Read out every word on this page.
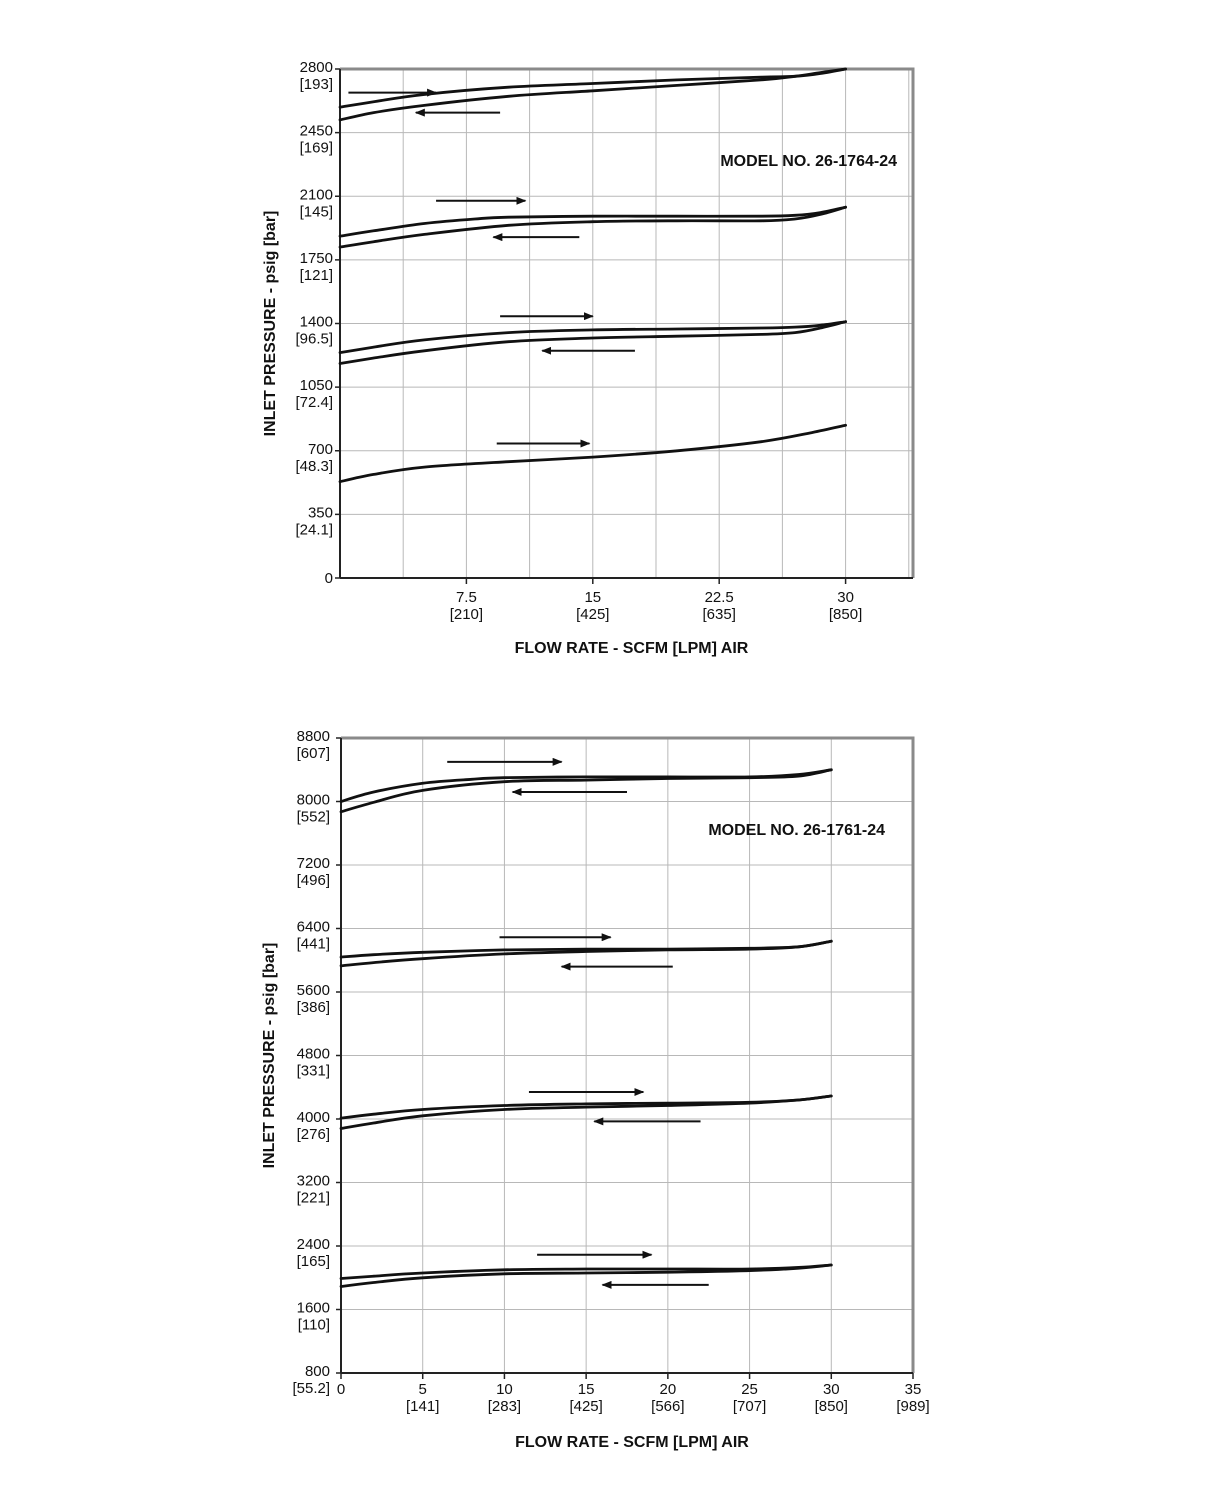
7.5
[210]
15
[425]
22.5
[635]
30
[850]
0
350
[24.1]
700
[48.3]
1050
[72.4]
1400
[96.5]
1750
[121]
2100
[145]
2450
[169]
2800
[193]
FLOW RATE - SCFM [LPM] AIR
INLET PRESSURE - psig [bar]
MODEL NO. 26-1764-24
0	5
[141]
10
[283]
15
[425]
20
[566]
25
[707]
30
[850]
35
[989]
800
[55.2]
1600
[110]
2400
[165]
3200
[221]
4000
[276]
4800
[331]
5600
[386]
6400
[441]
7200
[496]
8000
[552]
8800
[607]
FLOW RATE - SCFM [LPM] AIR
INLET PRESSURE - psig [bar]
MODEL NO. 26-1761-24
